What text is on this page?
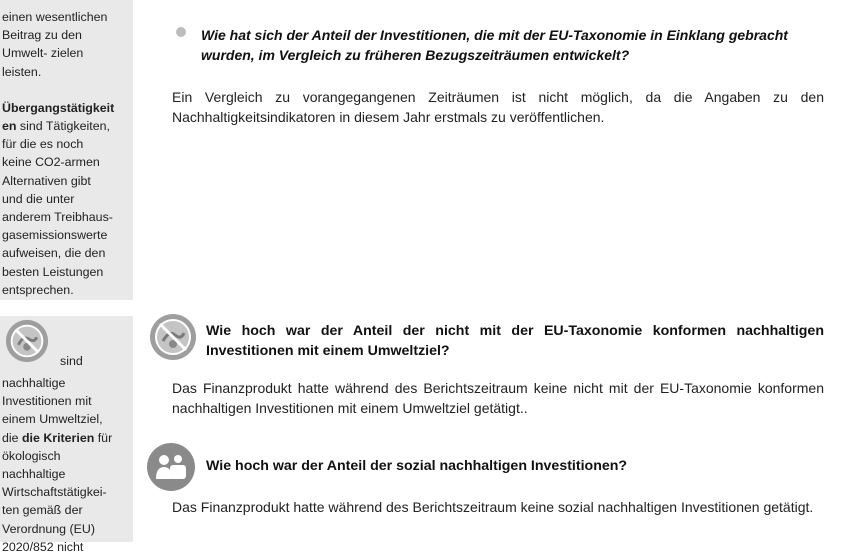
einen wesentlichen
Beitrag zu den
Umwelt- zielen
leisten.
Übergangstätigkeit
en sind Tätigkeiten,
für die es noch
keine CO2-armen
Alternativen gibt
und die unter
anderem Treibhaus-
gasemissionswerte
aufweisen, die den
besten Leistungen
entsprechen.
sind
nachhaltige
Investitionen mit
einem Umweltziel,
die die Kriterien für
ökologisch
nachhaltige
Wirtschaftstätigkei-
ten gemäß der
Verordnung (EU)
2020/852 nicht
Wie hat sich der Anteil der Investitionen, die mit der EU-Taxonomie in Einklang gebracht wurden, im Vergleich zu früheren Bezugszeiträumen entwickelt?
Ein Vergleich zu vorangegangenen Zeiträumen ist nicht möglich, da die Angaben zu den Nachhaltigkeitsindikatoren in diesem Jahr erstmals zu veröffentlichen.
Wie hoch war der Anteil der nicht mit der EU-Taxonomie konformen nachhaltigen Investitionen mit einem Umweltziel?
Das Finanzprodukt hatte während des Berichtszeitraum keine nicht mit der EU-Taxonomie konformen nachhaltigen Investitionen mit einem Umweltziel getätigt..
Wie hoch war der Anteil der sozial nachhaltigen Investitionen?
Das Finanzprodukt hatte während des Berichtszeitraum keine sozial nachhaltigen Investitionen getätigt.
